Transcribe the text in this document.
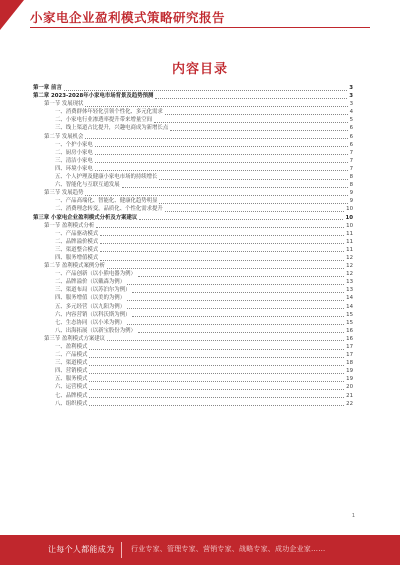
小家电企业盈利模式策略研究报告
内容目录
第一章 前言	3
第二章 2023-2028年小家电市场背景及趋势预测	3
第一节 发展现状	3
一、消费群体年轻化引领个性化、多元化需求	4
二、小家电行业渗透率提升带来增量空间	5
三、线上渠道占比提升，兴趣电商成为新增长点	6
第二节 发展机会	6
一、个护小家电	6
二、厨房小家电	7
三、清洁小家电	7
四、环境小家电	7
五、个人护理及健康小家电市场的持续增长	8
六、智能化与互联互通发展	8
第三节 发展趋势	9
一、产品高端化、智能化、健康化趋势明显	9
二、消费理念转变，品质化、个性化需求提升	10
第三章 小家电企业盈利模式分析及方案建议	10
第一节 盈利模式分析	10
一、产品驱动模式	11
二、品牌溢价模式	11
三、渠道整合模式	11
四、服务增值模式	12
第二节 盈利模式案例分析	12
一、产品创新（以小熊电器为例）	12
二、品牌溢价（以戴森为例）	13
三、渠道布局（以苏泊尔为例）	13
四、服务增值（以美的为例）	14
五、多元经营（以九阳为例）	14
六、内容营销（以科沃斯为例）	15
七、生态协同（以小米为例）	15
八、出海拓展（以新宝股份为例）	16
第三节 盈利模式方案建议	16
一、盈利模式	17
二、产品模式	17
三、渠道模式	18
四、营销模式	19
五、服务模式	19
六、运营模式	20
七、品牌模式	21
八、组织模式	22
1
让每个人都能成为 行业专家、管理专家、营销专家、战略专家、成功企业家……
